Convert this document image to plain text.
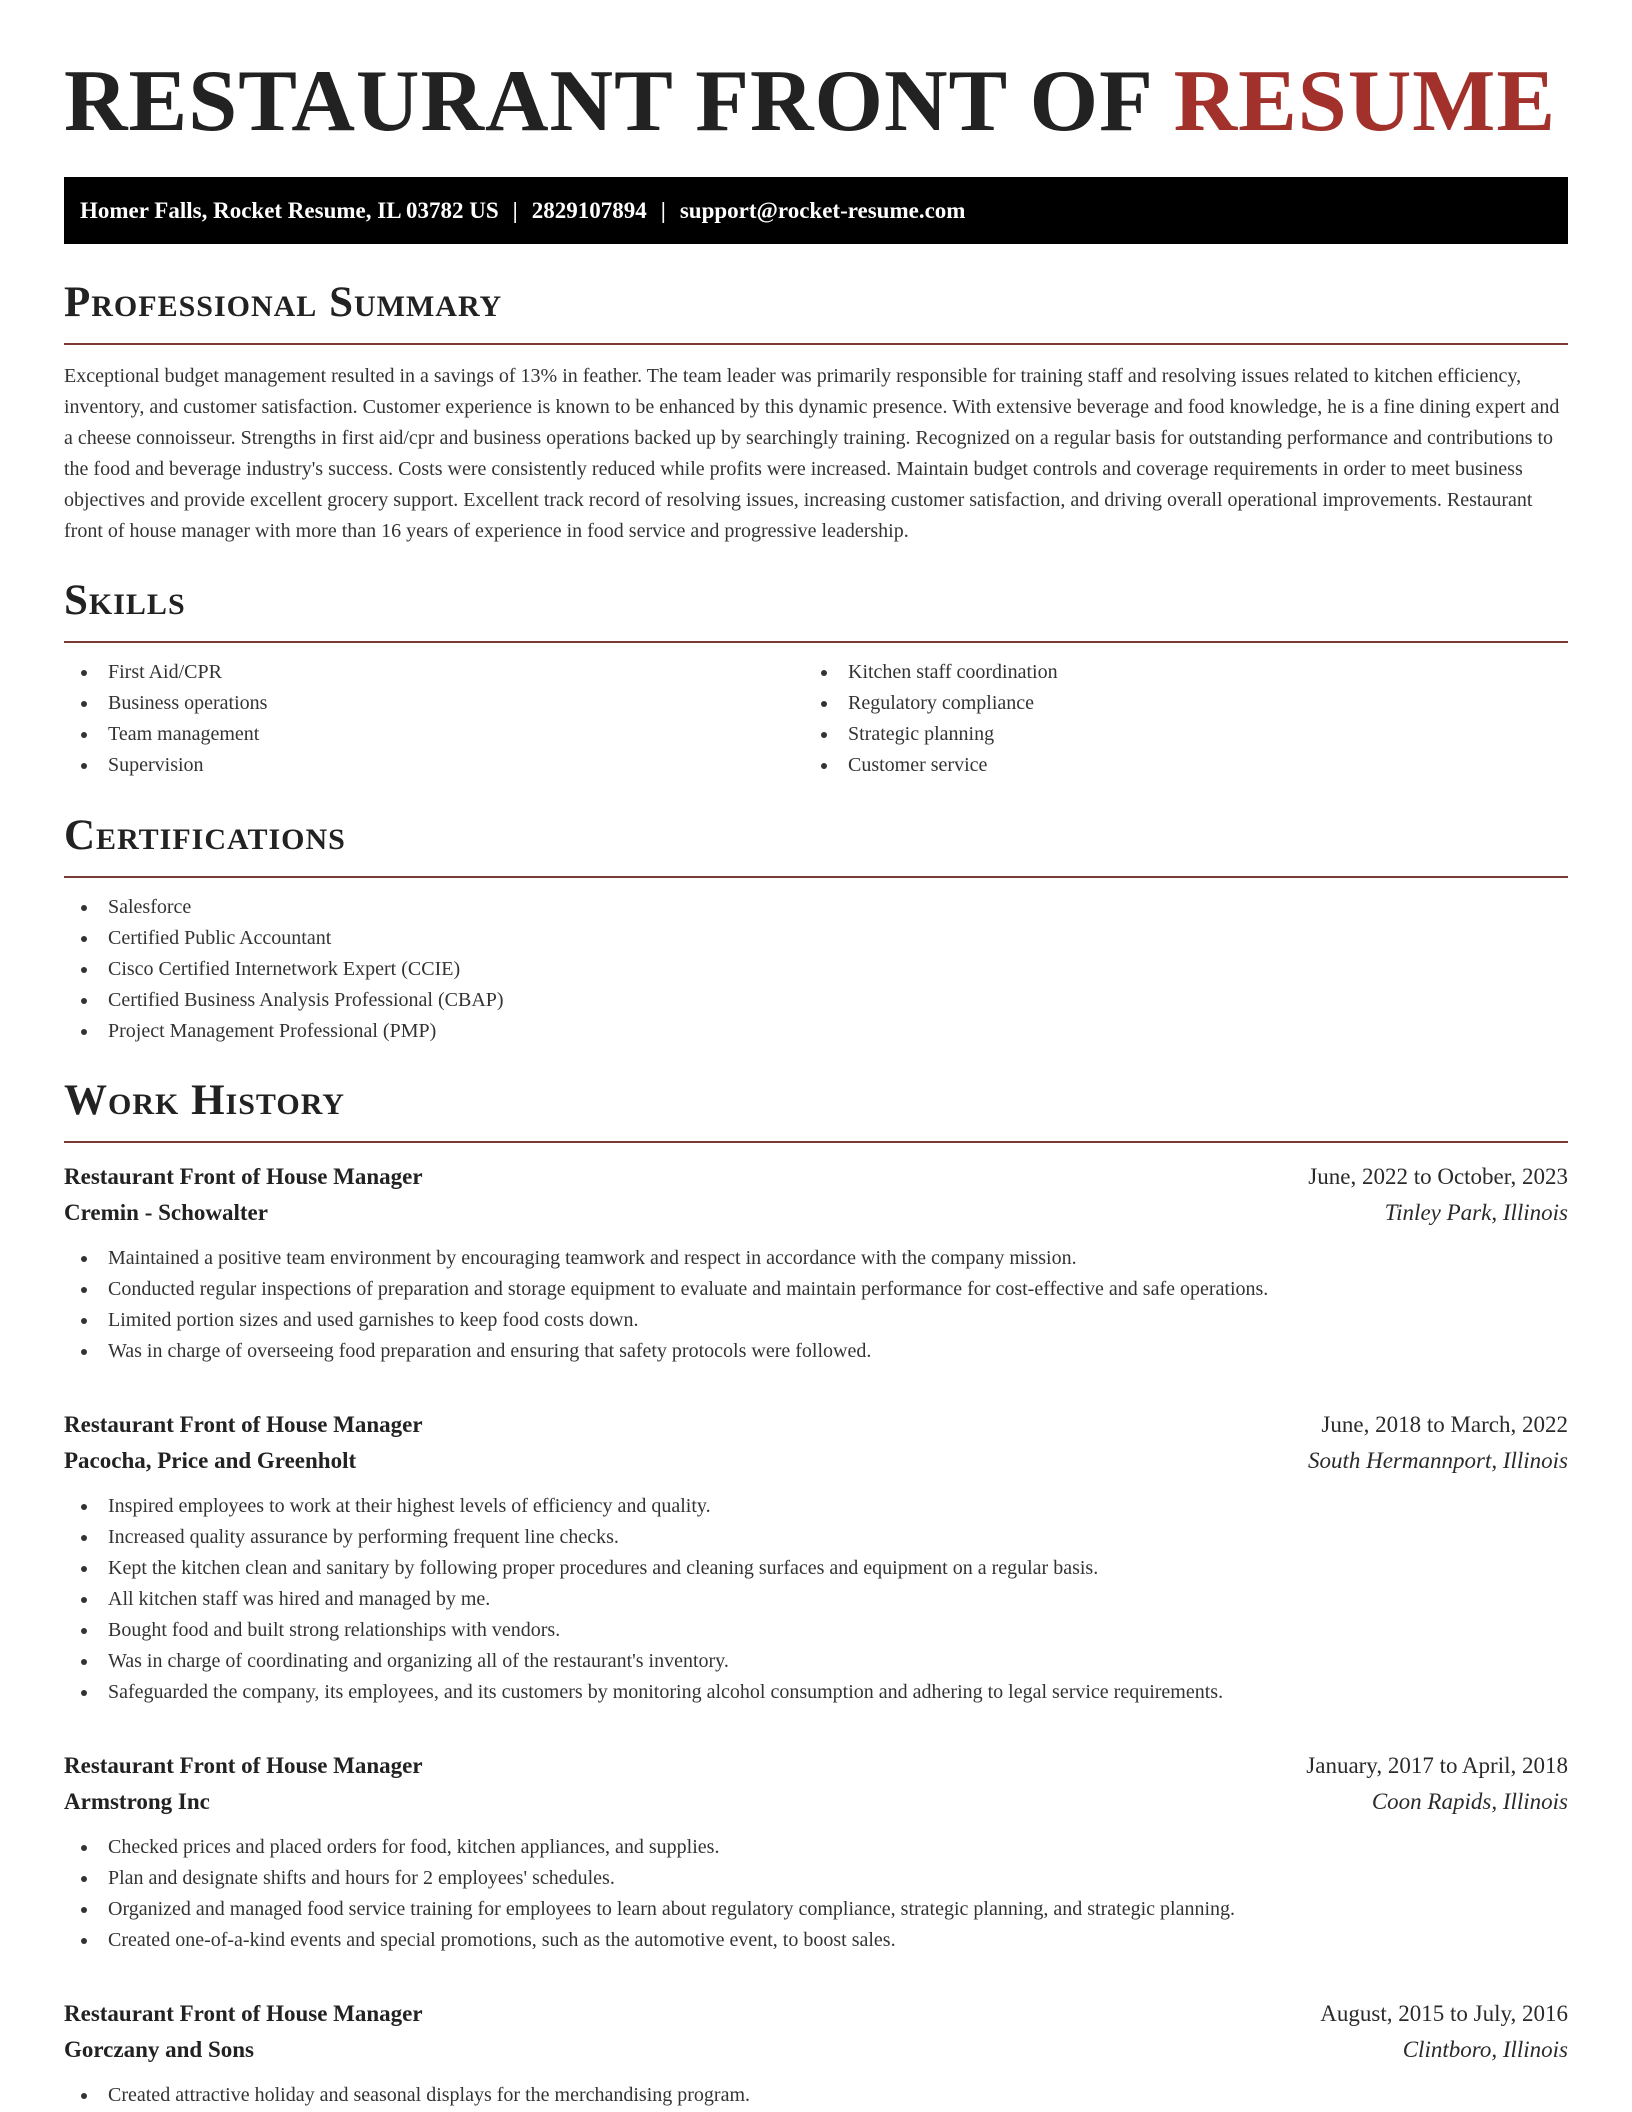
RESTAURANT FRONT OF RESUME
Homer Falls, Rocket Resume, IL 03782 US | 2829107894 | support@rocket-resume.com
Professional Summary

Exceptional budget management resulted in a savings of 13% in feather. The team leader was primarily responsible for training staff and resolving issues related to kitchen efficiency, inventory, and customer satisfaction. Customer experience is known to be enhanced by this dynamic presence. With extensive beverage and food knowledge, he is a fine dining expert and a cheese connoisseur. Strengths in first aid/cpr and business operations backed up by searchingly training. Recognized on a regular basis for outstanding performance and contributions to the food and beverage industry's success. Costs were consistently reduced while profits were increased. Maintain budget controls and coverage requirements in order to meet business objectives and provide excellent grocery support. Excellent track record of resolving issues, increasing customer satisfaction, and driving overall operational improvements. Restaurant front of house manager with more than 16 years of experience in food service and progressive leadership.

Skills
First Aid/CPR
Business operations
Team management
Supervision
Kitchen staff coordination
Regulatory compliance
Strategic planning
Customer service
Certifications
Salesforce
Certified Public Accountant
Cisco Certified Internetwork Expert (CCIE)
Certified Business Analysis Professional (CBAP)
Project Management Professional (PMP)
Work History
Restaurant Front of House Manager	June, 2022 to October, 2023
Cremin - Schowalter	Tinley Park, Illinois
Maintained a positive team environment by encouraging teamwork and respect in accordance with the company mission.
Conducted regular inspections of preparation and storage equipment to evaluate and maintain performance for cost-effective and safe operations.
Limited portion sizes and used garnishes to keep food costs down.
Was in charge of overseeing food preparation and ensuring that safety protocols were followed.
Restaurant Front of House Manager	June, 2018 to March, 2022
Pacocha, Price and Greenholt	South Hermannport, Illinois
Inspired employees to work at their highest levels of efficiency and quality.
Increased quality assurance by performing frequent line checks.
Kept the kitchen clean and sanitary by following proper procedures and cleaning surfaces and equipment on a regular basis.
All kitchen staff was hired and managed by me.
Bought food and built strong relationships with vendors.
Was in charge of coordinating and organizing all of the restaurant's inventory.
Safeguarded the company, its employees, and its customers by monitoring alcohol consumption and adhering to legal service requirements.
Restaurant Front of House Manager	January, 2017 to April, 2018
Armstrong Inc	Coon Rapids, Illinois
Checked prices and placed orders for food, kitchen appliances, and supplies.
Plan and designate shifts and hours for 2 employees' schedules.
Organized and managed food service training for employees to learn about regulatory compliance, strategic planning, and strategic planning.
Created one-of-a-kind events and special promotions, such as the automotive event, to boost sales.
Restaurant Front of House Manager	August, 2015 to July, 2016
Gorczany and Sons	Clintboro, Illinois
Created attractive holiday and seasonal displays for the merchandising program.
